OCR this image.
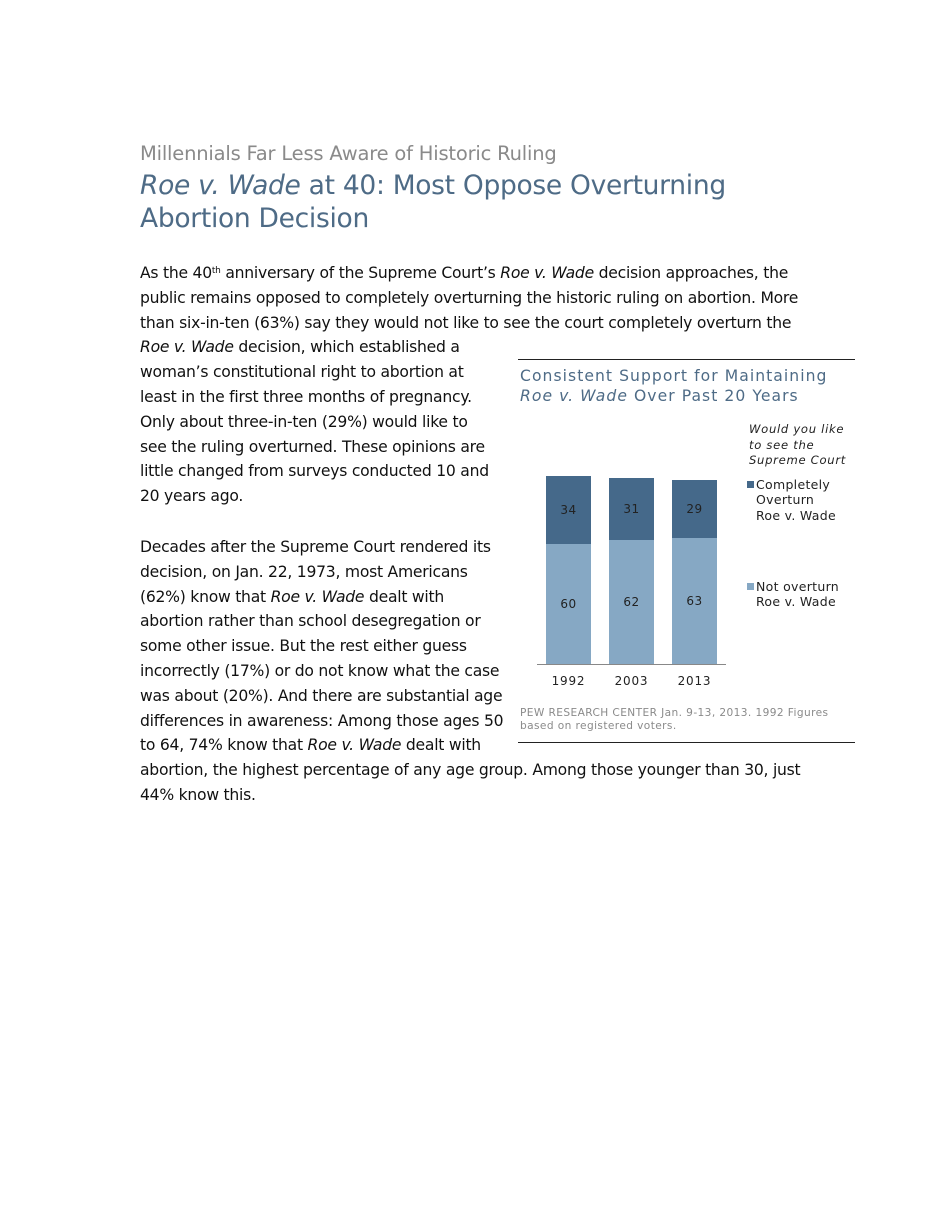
Millennials Far Less Aware of Historic Ruling
Roe v. Wade at 40: Most Oppose Overturning
Abortion Decision
As the 40th anniversary of the Supreme Court’s Roe v. Wade decision approaches, the
public remains opposed to completely overturning the historic ruling on abortion. More
than six-in-ten (63%) say they would not like to see the court completely overturn the
Roe v. Wade decision, which established a
woman’s constitutional right to abortion at
least in the first three months of pregnancy.
Only about three-in-ten (29%) would like to
see the ruling overturned. These opinions are
little changed from surveys conducted 10 and
20 years ago.
Decades after the Supreme Court rendered its
decision, on Jan. 22, 1973, most Americans
(62%) know that Roe v. Wade dealt with
abortion rather than school desegregation or
some other issue. But the rest either guess
incorrectly (17%) or do not know what the case
was about (20%). And there are substantial age
differences in awareness: Among those ages 50
to 64, 74% know that Roe v. Wade dealt with
abortion, the highest percentage of any age group. Among those younger than 30, just
44% know this.
Consistent Support for Maintaining
Roe v. Wade Over Past 20 Years
60
34
1992
62
31
2003
63
29
2013
Would you like
to see the
Supreme Court
Completely
Overturn
Roe v. Wade
Not overturn
Roe v. Wade
PEW RESEARCH CENTER Jan. 9-13, 2013. 1992 Figures
based on registered voters.
